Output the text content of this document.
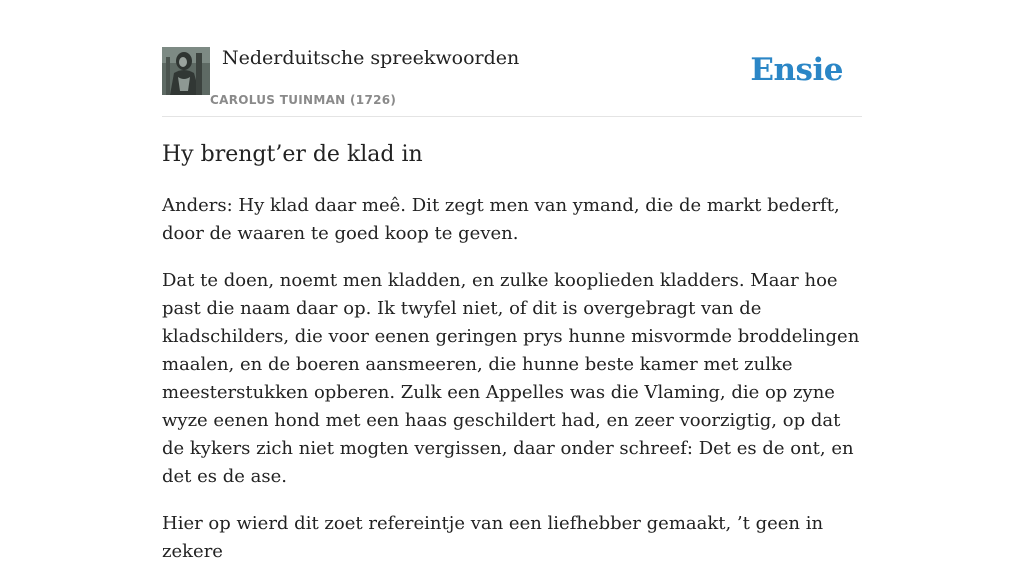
Nederduitsche spreekwoorden
CAROLUS TUINMAN (1726)
Ensie
Hy brengt’er de klad in

Anders: Hy klad daar meê. Dit zegt men van ymand, die de markt bederft, door de waaren te goed koop te geven.

Dat te doen, noemt men kladden, en zulke kooplieden kladders. Maar hoe past die naam daar op. Ik twyfel niet, of dit is overgebragt van de kladschilders, die voor eenen geringen prys hunne misvormde broddelingen maalen, en de boeren aansmeeren, die hunne beste kamer met zulke meesterstukken opberen. Zulk een Appelles was die Vlaming, die op zyne wyze eenen hond met een haas geschildert had, en zeer voorzigtig, op dat de kykers zich niet mogten vergissen, daar onder schreef: Det es de ont, en det es de ase.

Hier op wierd dit zoet refereintje van een liefhebber gemaakt, ’t geen in zekere
